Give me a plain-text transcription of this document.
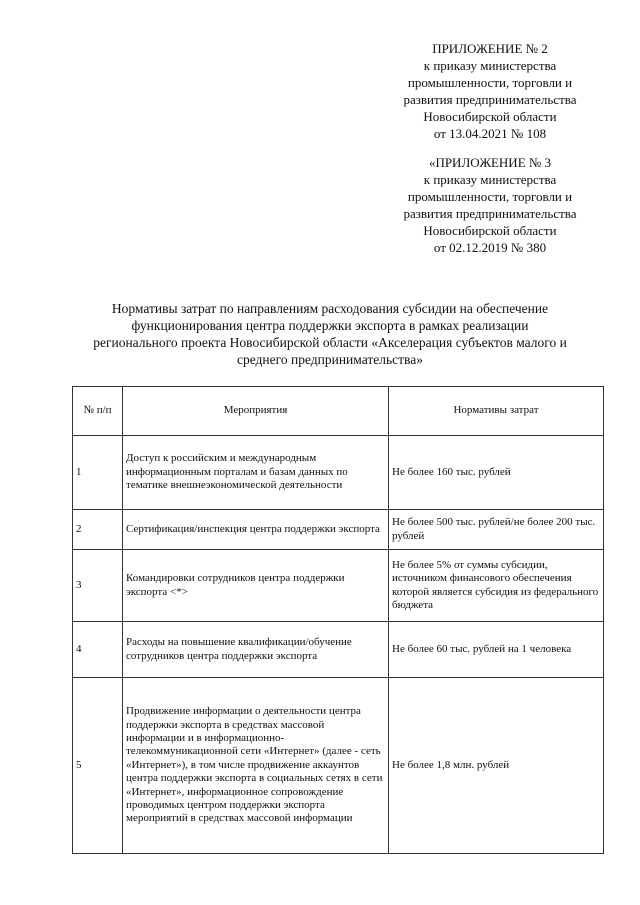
ПРИЛОЖЕНИЕ № 2
к приказу министерства
промышленности, торговли и
развития предпринимательства
Новосибирской области
от 13.04.2021 № 108
«ПРИЛОЖЕНИЕ № 3
к приказу министерства
промышленности, торговли и
развития предпринимательства
Новосибирской области
от 02.12.2019 № 380
Нормативы затрат по направлениям расходования субсидии на обеспечение
функционирования центра поддержки экспорта в рамках реализации
регионального проекта Новосибирской области «Акселерация субъектов малого и
среднего предпринимательства»
№ п/п	Мероприятия	Нормативы затрат
1	Доступ к российским и международным информационным порталам и базам данных по тематике внешнеэкономической деятельности	Не более 160 тыс. рублей
2	Сертификация/инспекция центра поддержки экспорта	Не более 500 тыс. рублей/не более 200 тыс. рублей
3	Командировки сотрудников центра поддержки экспорта <*>	Не более 5% от суммы субсидии, источником финансового обеспечения которой является субсидия из федерального бюджета
4	Расходы на повышение квалификации/обучение сотрудников центра поддержки экспорта	Не более 60 тыс. рублей на 1 человека
5	Продвижение информации о деятельности центра поддержки экспорта в средствах массовой информации и в информационно-телекоммуникационной сети «Интернет» (далее - сеть «Интернет»), в том числе продвижение аккаунтов центра поддержки экспорта в социальных сетях в сети «Интернет», информационное сопровождение проводимых центром поддержки экспорта мероприятий в средствах массовой информации	Не более 1,8 млн. рублей
